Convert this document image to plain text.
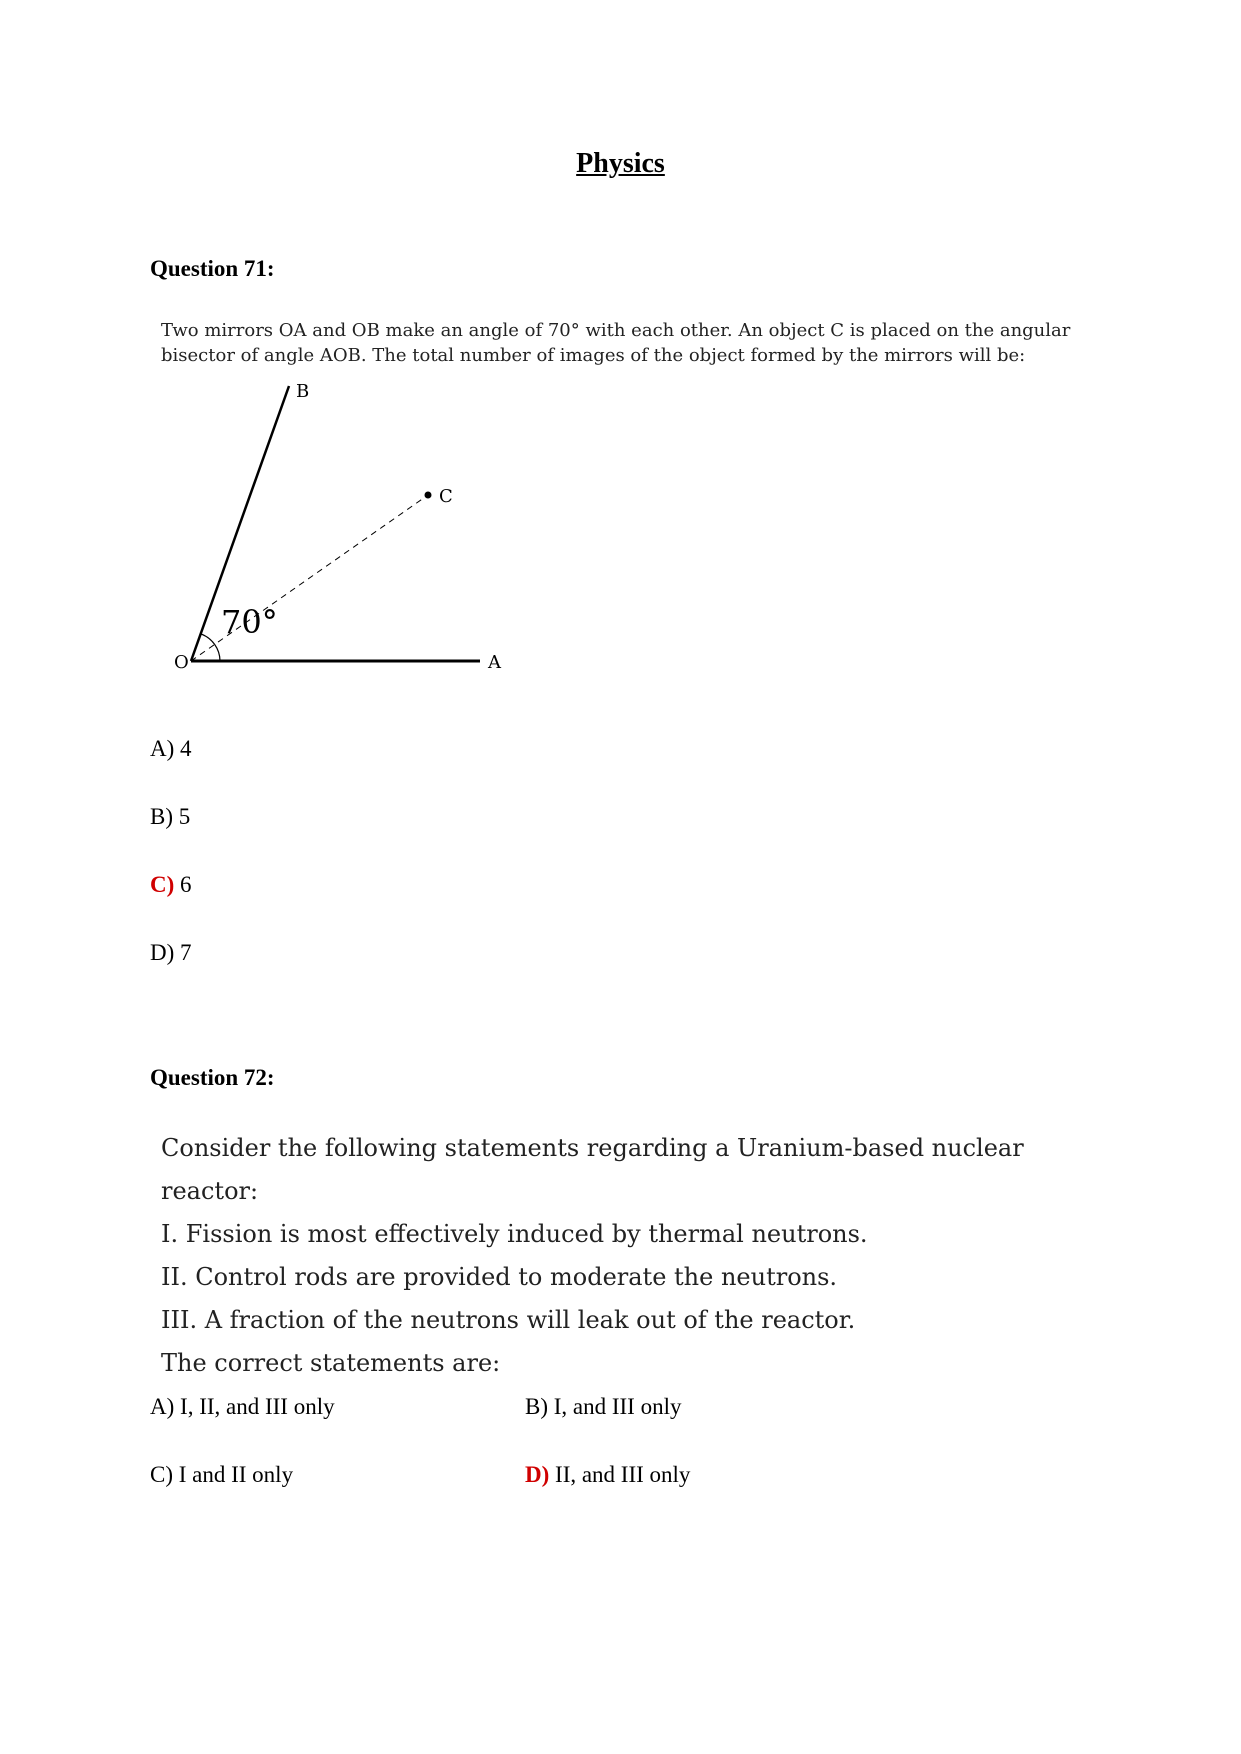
Physics
Question 71:
Two mirrors OA and OB make an angle of 70° with each other. An object C is placed on the angular
bisector of angle AOB. The total number of images of the object formed by the mirrors will be:
O	A
B
C
70°
A) 4
B) 5
C) 6
D) 7
Question 72:
Consider the following statements regarding a Uranium-based nuclear reactor:
I. Fission is most effectively induced by thermal neutrons.
II. Control rods are provided to moderate the neutrons.
III. A fraction of the neutrons will leak out of the reactor.
The correct statements are:
A) I, II, and III only	B) I, and III only
C) I and II only	D) II, and III only
